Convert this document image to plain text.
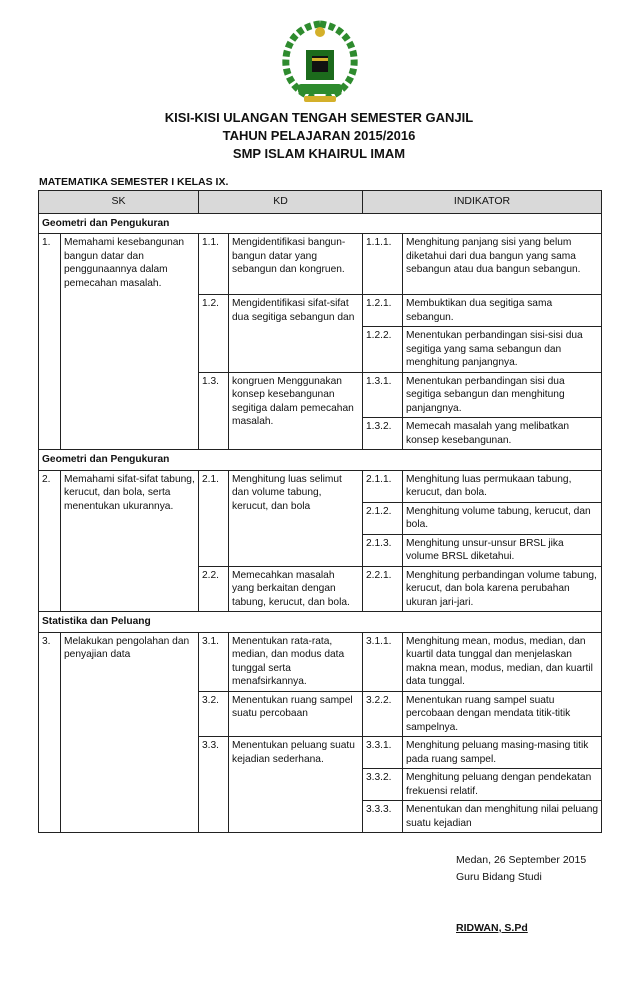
KISI-KISI ULANGAN TENGAH SEMESTER GANJIL
TAHUN PELAJARAN 2015/2016
SMP ISLAM KHAIRUL IMAM
MATEMATIKA SEMESTER I KELAS IX.
SK		KD		INDIKATOR	
Geometri dan Pengukuran					
1.	Memahami kesebangunan bangun datar dan penggunaannya dalam pemecahan masalah.	1.1.	Mengidentifikasi bangun-bangun datar yang sebangun dan kongruen.	1.1.1.	Menghitung panjang sisi yang belum diketahui dari dua bangun yang sama sebangun atau dua bangun sebangun.
		1.2.	Mengidentifikasi sifat-sifat dua segitiga sebangun dan	1.2.1.	Membuktikan dua segitiga sama sebangun.
				1.2.2.	Menentukan perbandingan sisi-sisi dua segitiga yang sama sebangun dan menghitung panjangnya.
		1.3.	kongruen Menggunakan konsep kesebangunan segitiga dalam pemecahan masalah.	1.3.1.	Menentukan perbandingan sisi dua segitiga sebangun dan menghitung panjangnya.
				1.3.2.	Memecah masalah yang melibatkan konsep kesebangunan.
Geometri dan Pengukuran					
2.	Memahami sifat-sifat tabung, kerucut, dan bola, serta menentukan ukurannya.	2.1.	Menghitung luas selimut dan volume tabung, kerucut, dan bola	2.1.1.	Menghitung luas permukaan tabung, kerucut, dan bola.
				2.1.2.	Menghitung volume tabung, kerucut, dan bola.
				2.1.3.	Menghitung unsur-unsur BRSL jika volume BRSL diketahui.
		2.2.	Memecahkan masalah yang berkaitan dengan tabung, kerucut, dan bola.	2.2.1.	Menghitung perbandingan volume tabung, kerucut, dan bola karena perubahan ukuran jari-jari.
Statistika dan Peluang					
3.	Melakukan pengolahan dan penyajian data	3.1.	Menentukan rata-rata, median, dan modus data tunggal serta menafsirkannya.	3.1.1.	Menghitung mean, modus, median, dan kuartil data tunggal dan menjelaskan makna mean, modus, median, dan kuartil data tunggal.
		3.2.	Menentukan ruang sampel suatu percobaan	3.2.2.	Menentukan ruang sampel suatu percobaan dengan mendata titik-titik sampelnya.
		3.3.	Menentukan peluang suatu kejadian sederhana.	3.3.1.	Menghitung peluang masing-masing titik pada ruang sampel.
				3.3.2.	Menghitung peluang dengan pendekatan frekuensi relatif.
				3.3.3.	Menentukan dan menghitung nilai peluang suatu kejadian
Medan, 26 September 2015
Guru Bidang Studi
RIDWAN, S.Pd
